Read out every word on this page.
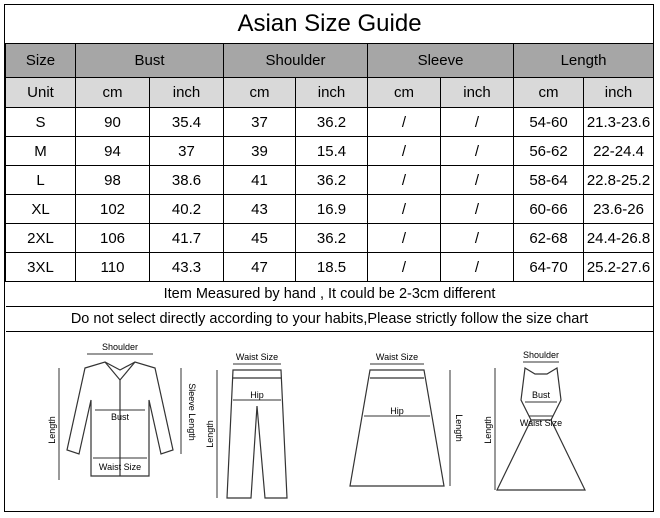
Asian Size Guide								
Size	Bust		Shoulder		Sleeve		Length	
Unit	cm	inch	cm	inch	cm	inch	cm	inch
S	90	35.4	37	36.2	/	/	54-60	21.3-23.6
M	94	37	39	15.4	/	/	56-62	22-24.4
L	98	38.6	41	36.2	/	/	58-64	22.8-25.2
XL	102	40.2	43	16.9	/	/	60-66	23.6-26
2XL	106	41.7	45	36.2	/	/	62-68	24.4-26.8
3XL	110	43.3	47	18.5	/	/	64-70	25.2-27.6
Item Measured by hand , It could be 2-3cm different								
Do not select directly according to your habits,Please strictly follow the size chart								
Shoulder
Bust
Waist Size
Length	Sleeve Length
Waist Size
Hip
Length
Waist Size
Hip
Length
Shoulder
Bust
Waist Size
Length
